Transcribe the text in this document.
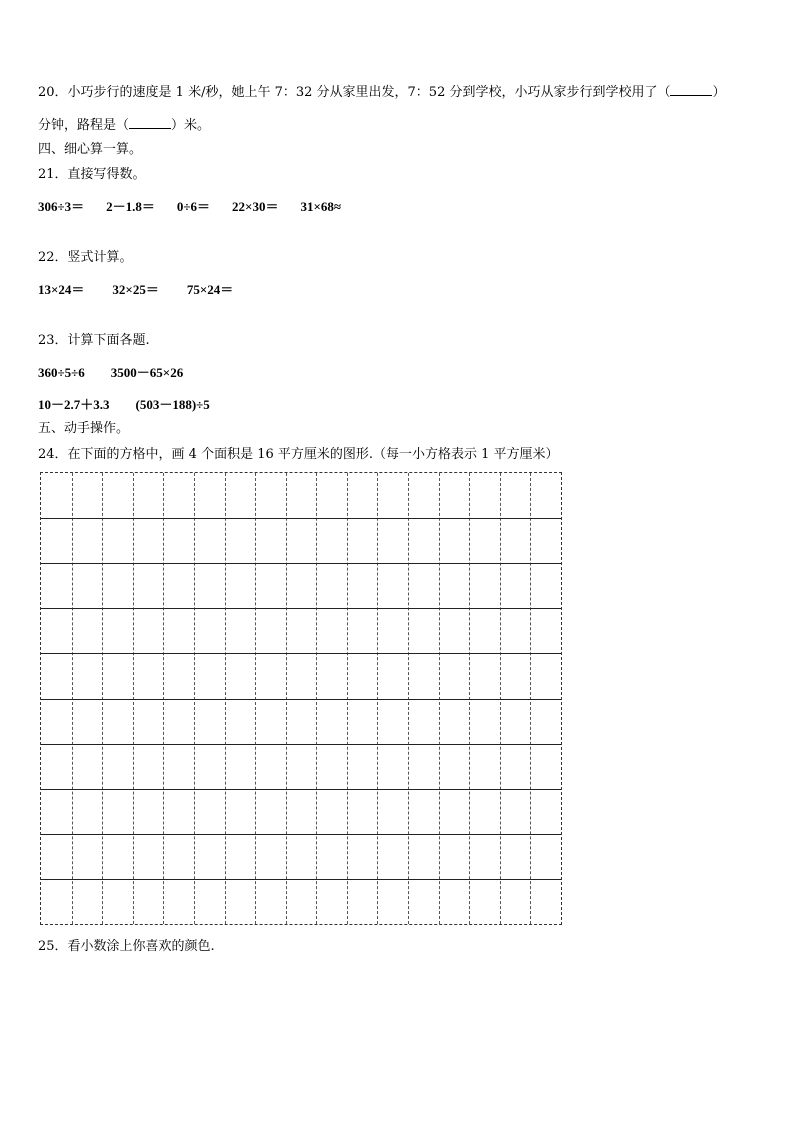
20．小巧步行的速度是 1 米/秒，她上午 7：32 分从家里出发，7：52 分到学校，小巧从家步行到学校用了（	）
分钟，路程是（	）米。
四、细心算一算。
21．直接写得数。
306÷3＝ 2－1.8＝ 0÷6＝ 22×30＝ 31×68≈
22．竖式计算。
13×24＝ 32×25＝ 75×24＝
23．计算下面各题.
360÷5÷6 3500－65×26
10－2.7＋3.3 (503－188)÷5
五、动手操作。
24．在下面的方格中，画 4 个面积是 16 平方厘米的图形.（每一小方格表示 1 平方厘米）
25．看小数涂上你喜欢的颜色.
